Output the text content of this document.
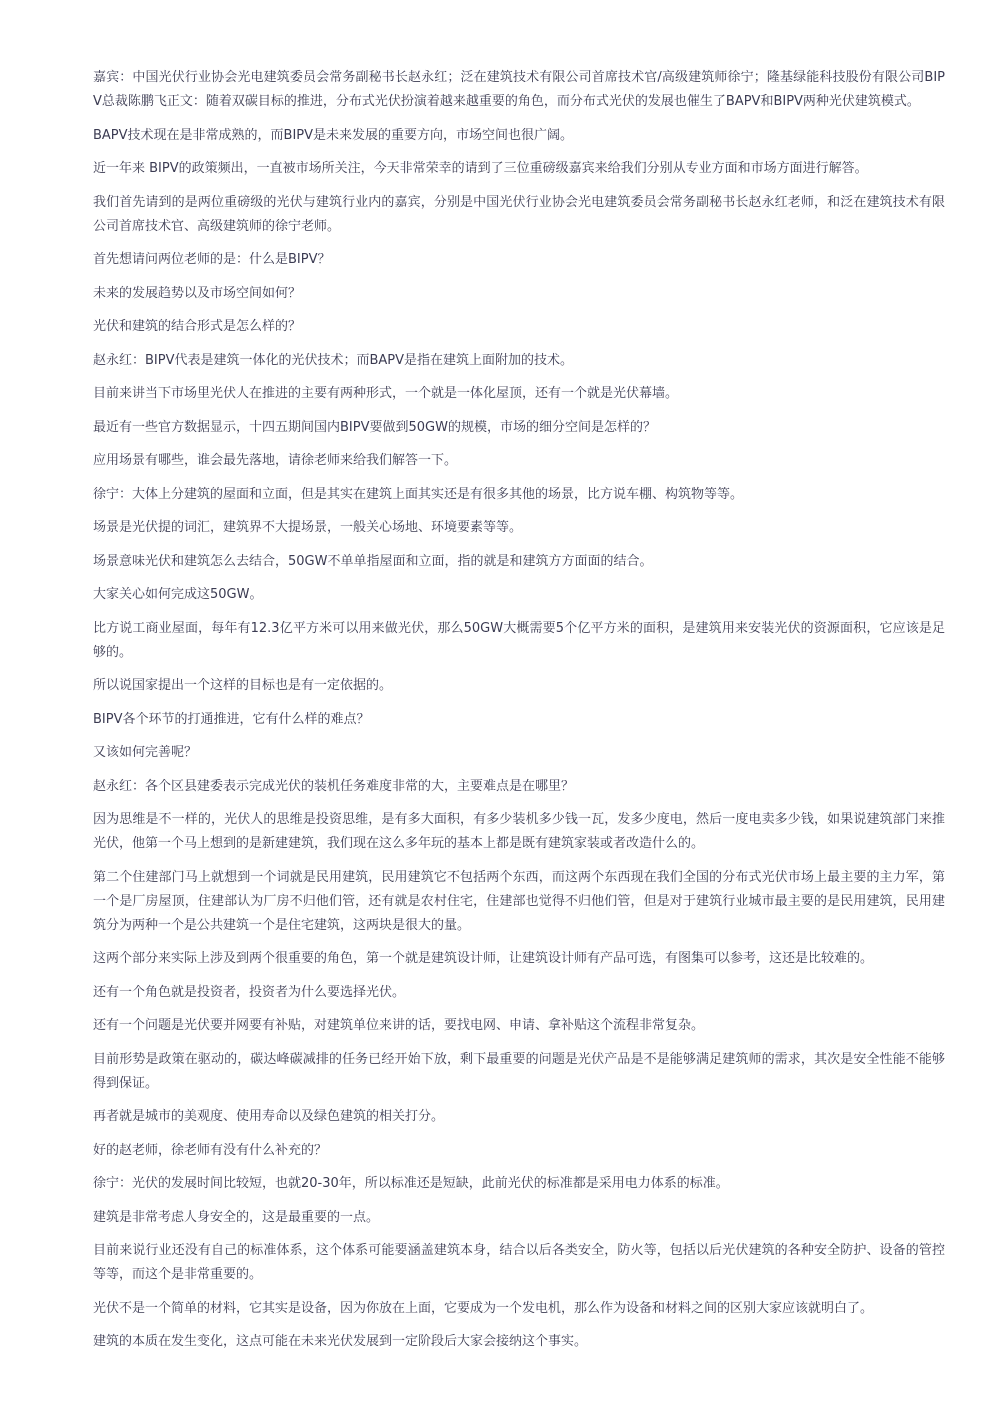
嘉宾：中国光伏行业协会光电建筑委员会常务副秘书长赵永红；泛在建筑技术有限公司首席技术官/高级建筑师徐宁；隆基绿能科技股份有限公司BIPV总裁陈鹏飞正文：随着双碳目标的推进，分布式光伏扮演着越来越重要的角色，而分布式光伏的发展也催生了BAPV和BIPV两种光伏建筑模式。

BAPV技术现在是非常成熟的，而BIPV是未来发展的重要方向，市场空间也很广阔。

近一年来 BIPV的政策频出，一直被市场所关注，今天非常荣幸的请到了三位重磅级嘉宾来给我们分别从专业方面和市场方面进行解答。

我们首先请到的是两位重磅级的光伏与建筑行业内的嘉宾，分别是中国光伏行业协会光电建筑委员会常务副秘书长赵永红老师，和泛在建筑技术有限公司首席技术官、高级建筑师的徐宁老师。

首先想请问两位老师的是：什么是BIPV？

未来的发展趋势以及市场空间如何？

光伏和建筑的结合形式是怎么样的？

赵永红：BIPV代表是建筑一体化的光伏技术；而BAPV是指在建筑上面附加的技术。

目前来讲当下市场里光伏人在推进的主要有两种形式，一个就是一体化屋顶，还有一个就是光伏幕墙。

最近有一些官方数据显示，十四五期间国内BIPV要做到50GW的规模，市场的细分空间是怎样的？

应用场景有哪些，谁会最先落地，请徐老师来给我们解答一下。

徐宁：大体上分建筑的屋面和立面，但是其实在建筑上面其实还是有很多其他的场景，比方说车棚、构筑物等等。

场景是光伏提的词汇，建筑界不大提场景，一般关心场地、环境要素等等。

场景意味光伏和建筑怎么去结合，50GW不单单指屋面和立面，指的就是和建筑方方面面的结合。

大家关心如何完成这50GW。

比方说工商业屋面，每年有12.3亿平方米可以用来做光伏，那么50GW大概需要5个亿平方米的面积，是建筑用来安装光伏的资源面积，它应该是足够的。

所以说国家提出一个这样的目标也是有一定依据的。

BIPV各个环节的打通推进，它有什么样的难点？

又该如何完善呢？

赵永红：各个区县建委表示完成光伏的装机任务难度非常的大，主要难点是在哪里？

因为思维是不一样的，光伏人的思维是投资思维，是有多大面积，有多少装机多少钱一瓦，发多少度电，然后一度电卖多少钱，如果说建筑部门来推光伏，他第一个马上想到的是新建建筑，我们现在这么多年玩的基本上都是既有建筑家装或者改造什么的。

第二个住建部门马上就想到一个词就是民用建筑，民用建筑它不包括两个东西，而这两个东西现在我们全国的分布式光伏市场上最主要的主力军，第一个是厂房屋顶，住建部认为厂房不归他们管，还有就是农村住宅，住建部也觉得不归他们管，但是对于建筑行业城市最主要的是民用建筑，民用建筑分为两种一个是公共建筑一个是住宅建筑，这两块是很大的量。

这两个部分来实际上涉及到两个很重要的角色，第一个就是建筑设计师，让建筑设计师有产品可选，有图集可以参考，这还是比较难的。

还有一个角色就是投资者，投资者为什么要选择光伏。

还有一个问题是光伏要并网要有补贴，对建筑单位来讲的话，要找电网、申请、拿补贴这个流程非常复杂。

目前形势是政策在驱动的，碳达峰碳减排的任务已经开始下放，剩下最重要的问题是光伏产品是不是能够满足建筑师的需求，其次是安全性能不能够得到保证。

再者就是城市的美观度、使用寿命以及绿色建筑的相关打分。

好的赵老师，徐老师有没有什么补充的？

徐宁：光伏的发展时间比较短，也就20-30年，所以标准还是短缺，此前光伏的标准都是采用电力体系的标准。

建筑是非常考虑人身安全的，这是最重要的一点。

目前来说行业还没有自己的标准体系，这个体系可能要涵盖建筑本身，结合以后各类安全，防火等，包括以后光伏建筑的各种安全防护、设备的管控等等，而这个是非常重要的。

光伏不是一个简单的材料，它其实是设备，因为你放在上面，它要成为一个发电机，那么作为设备和材料之间的区别大家应该就明白了。

建筑的本质在发生变化，这点可能在未来光伏发展到一定阶段后大家会接纳这个事实。
